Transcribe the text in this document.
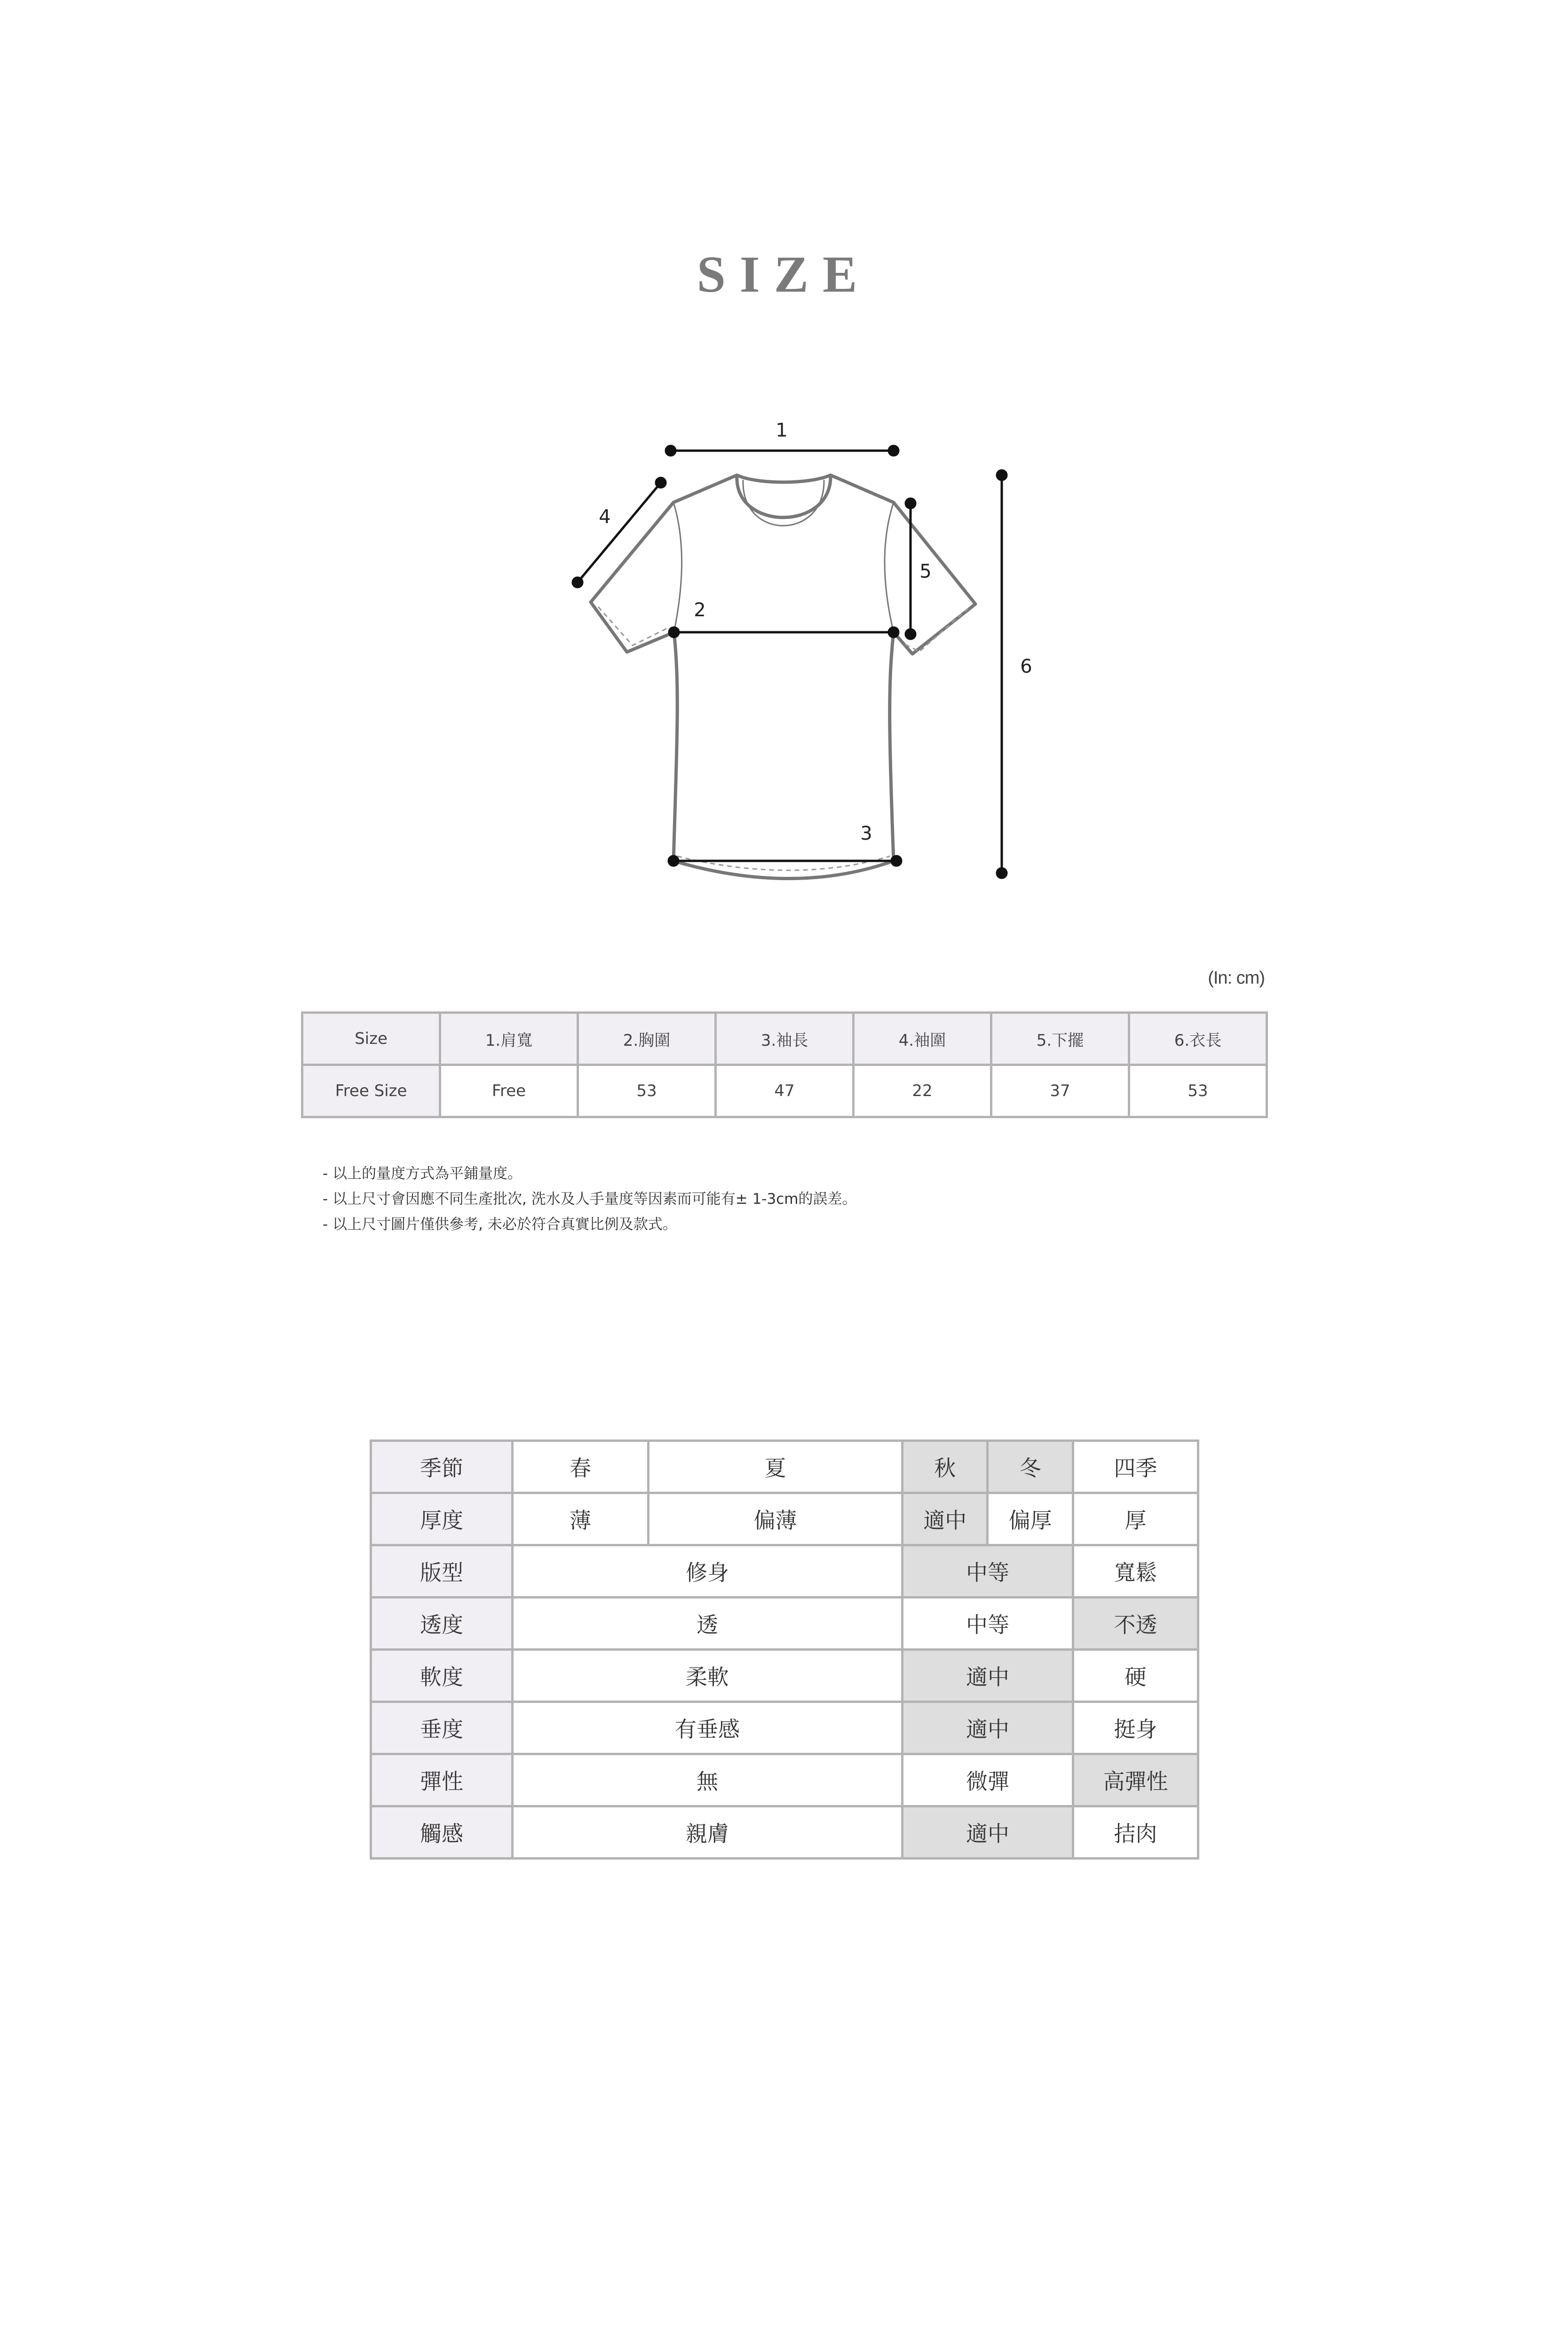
SIZE
1
2
3
4
5
6
(In: cm)
Size	1.肩寬	2.胸圍	3.袖長	4.袖圍	5.下擺	6.衣長
Free Size	Free	53	47	22	37	53
- 以上的量度方式為平鋪量度。
- 以上尺寸會因應不同生產批次, 洗水及人手量度等因素而可能有± 1-3cm的誤差。
- 以上尺寸圖片僅供參考, 未必於符合真實比例及款式。
季節	春	夏	秋	冬	四季
厚度	薄	偏薄	適中	偏厚	厚
版型	修身		中等		寬鬆
透度	透		中等		不透
軟度	柔軟		適中		硬
垂度	有垂感		適中		挺身
彈性	無		微彈		高彈性
觸感	親膚		適中		拮肉
